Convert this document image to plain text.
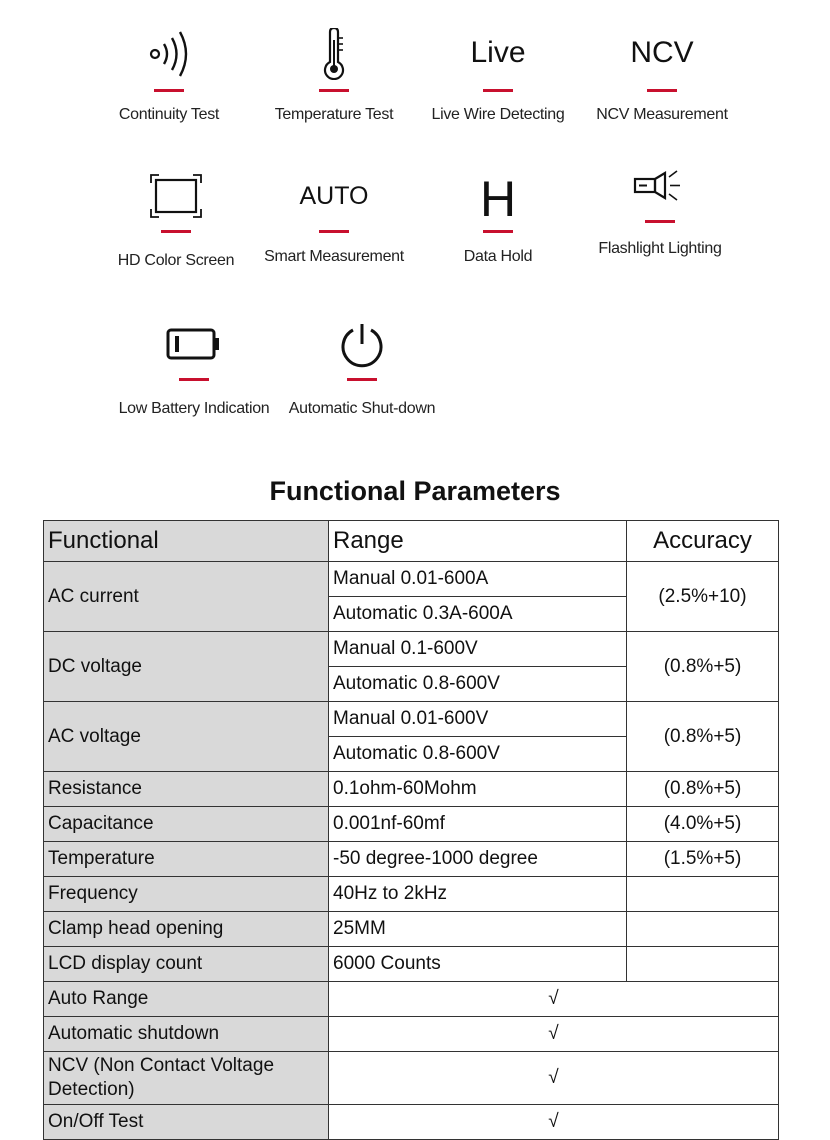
Continuity Test	Temperature Test
Live
Live Wire Detecting
NCV
NCV Measurement
HD Color Screen
AUTO
Smart Measurement
H
Data Hold	Flashlight Lighting
Low Battery Indication	Automatic Shut-down
Functional Parameters
Functional	Range	Accuracy
AC current	Manual 0.01-600A	(2.5%+10)
	Automatic 0.3A-600A	
DC voltage	Manual 0.1-600V	(0.8%+5)
	Automatic 0.8-600V	
AC voltage	Manual 0.01-600V	(0.8%+5)
	Automatic 0.8-600V	
Resistance	0.1ohm-60Mohm	(0.8%+5)
Capacitance	0.001nf-60mf	(4.0%+5)
Temperature	-50 degree-1000 degree	(1.5%+5)
Frequency	40Hz to 2kHz	
Clamp head opening	25MM	
LCD display count	6000 Counts	
Auto Range	√	
Automatic shutdown	√	
NCV (Non Contact Voltage Detection)	√	
On/Off Test	√	
